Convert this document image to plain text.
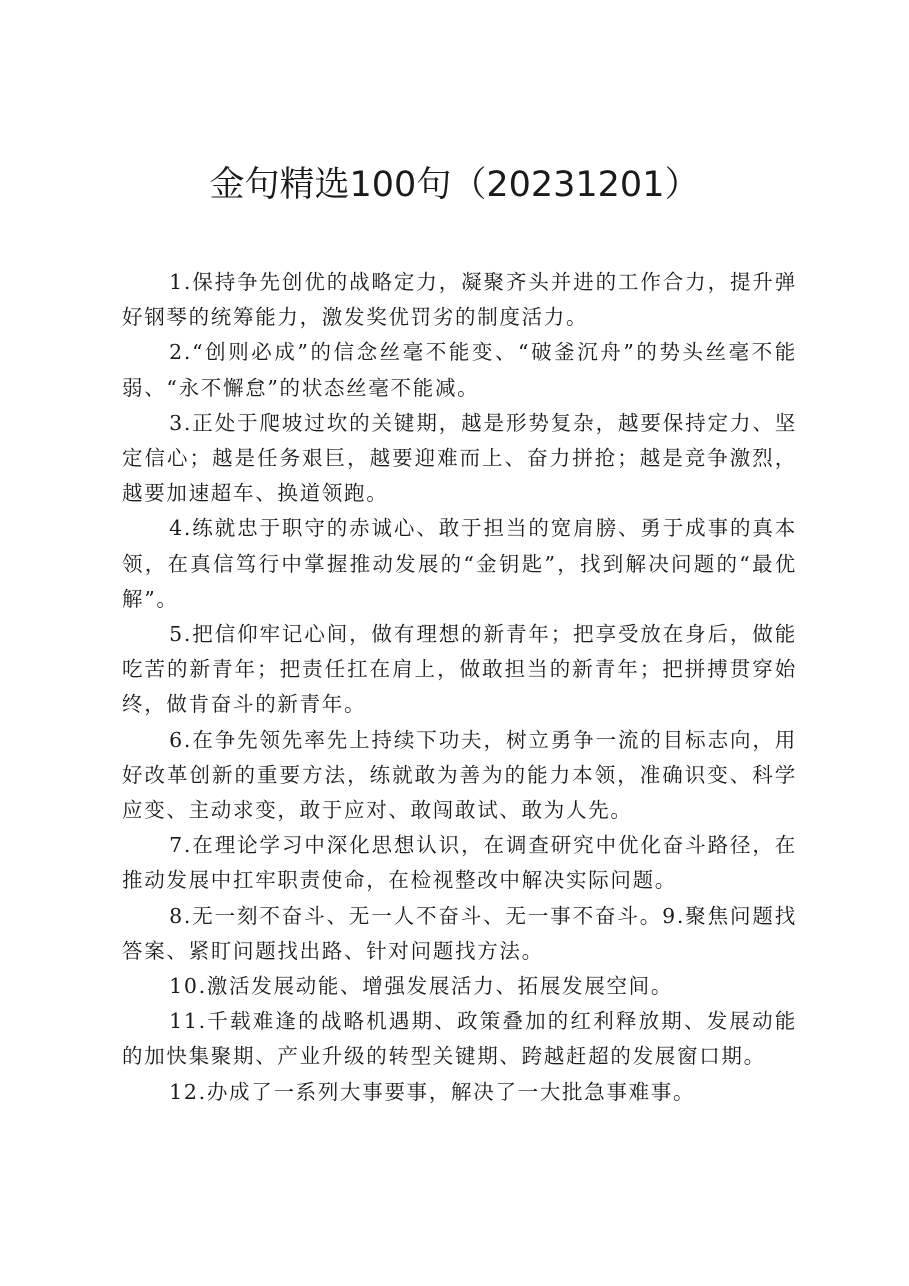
金句精选100句（20231201）

1.保持争先创优的战略定力，凝聚齐头并进的工作合力，提升弹好钢琴的统筹能力，激发奖优罚劣的制度活力。

2.“创则必成”的信念丝毫不能变、“破釜沉舟”的势头丝毫不能弱、“永不懈怠”的状态丝毫不能减。

3.正处于爬坡过坎的关键期，越是形势复杂，越要保持定力、坚定信心；越是任务艰巨，越要迎难而上、奋力拼抢；越是竞争激烈，越要加速超车、换道领跑。

4.练就忠于职守的赤诚心、敢于担当的宽肩膀、勇于成事的真本领，在真信笃行中掌握推动发展的“金钥匙”，找到解决问题的“最优解”。

5.把信仰牢记心间，做有理想的新青年；把享受放在身后，做能吃苦的新青年；把责任扛在肩上，做敢担当的新青年；把拼搏贯穿始终，做肯奋斗的新青年。

6.在争先领先率先上持续下功夫，树立勇争一流的目标志向，用好改革创新的重要方法，练就敢为善为的能力本领，准确识变、科学应变、主动求变，敢于应对、敢闯敢试、敢为人先。

7.在理论学习中深化思想认识，在调查研究中优化奋斗路径，在推动发展中扛牢职责使命，在检视整改中解决实际问题。

8.无一刻不奋斗、无一人不奋斗、无一事不奋斗。9.聚焦问题找答案、紧盯问题找出路、针对问题找方法。

10.激活发展动能、增强发展活力、拓展发展空间。

11.千载难逢的战略机遇期、政策叠加的红利释放期、发展动能的加快集聚期、产业升级的转型关键期、跨越赶超的发展窗口期。

12.办成了一系列大事要事，解决了一大批急事难事。
